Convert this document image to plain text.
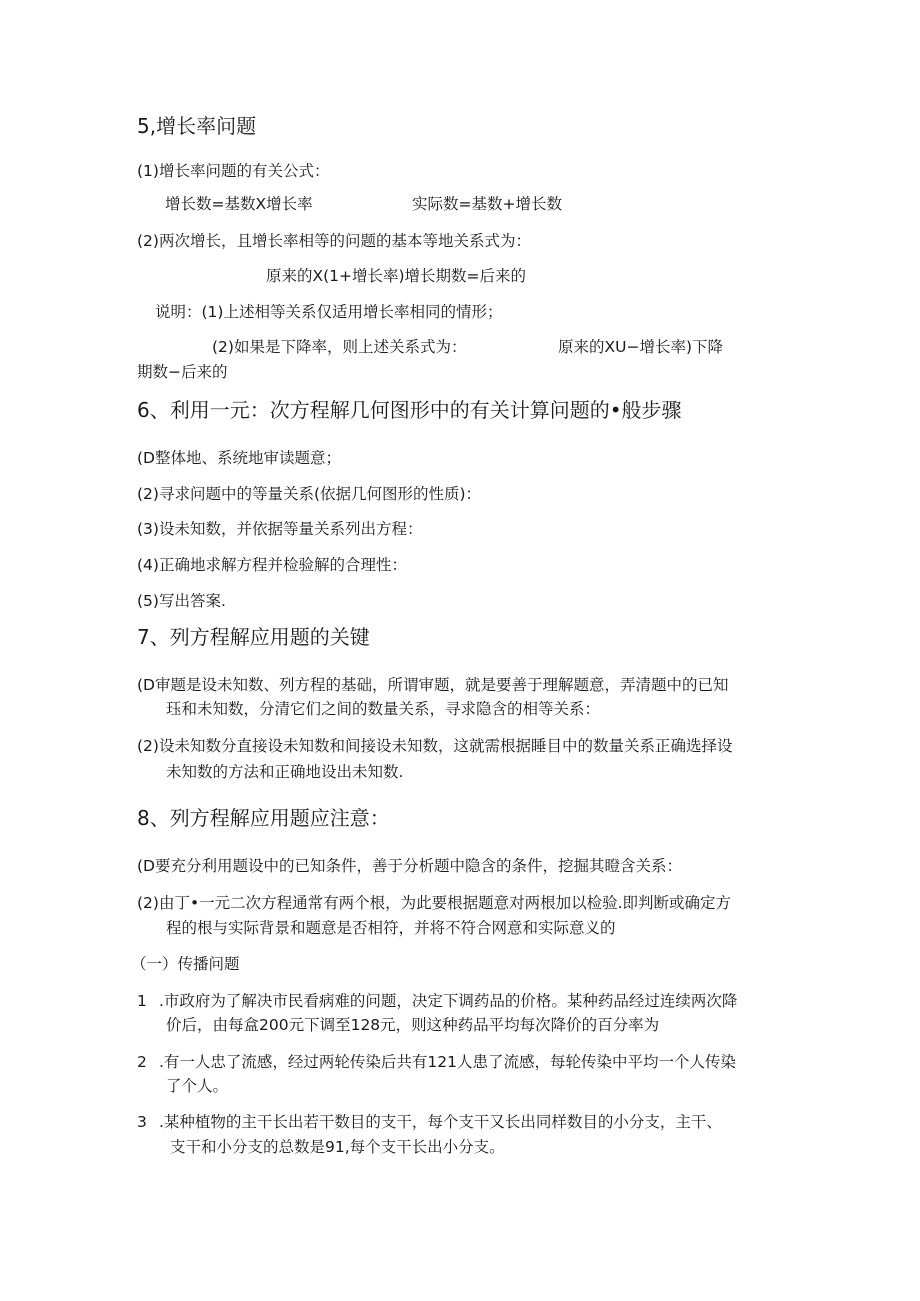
5,增长率问题
(1)增长率问题的有关公式：
增长数=基数X增长率	实际数=基数+增长数
(2)两次增长，且增长率相等的问题的基本等地关系式为：
原来的X(1+增长率)增长期数=后来的
说明：(1)上述相等关系仅适用增长率相同的情形；
(2)如果是下降率，则上述关系式为：	原来的XU−增长率)下降
期数−后来的
6、利用一元：次方程解几何图形中的有关计算问题的•般步骤
(D整体地、系统地审读题意；
(2)寻求问题中的等量关系(依据几何图形的性质)：
(3)设未知数，并依据等量关系列出方程：
(4)正确地求解方程并检验解的合理性：
(5)写出答案.
7、列方程解应用题的关键
(D审题是设未知数、列方程的基础，所谓审题，就是要善于理解题意，弄清题中的已知
珏和未知数，分清它们之间的数量关系，寻求隐含的相等关系：
(2)设未知数分直接设未知数和间接设未知数，这就需根据睡目中的数量关系正确选择设
未知数的方法和正确地设出未知数.
8、列方程解应用题应注意：
(D要充分利用题设中的已知条件，善于分析题中隐含的条件，挖掘其瞪含关系：
(2)由丁•一元二次方程通常有两个根，为此要根据题意对两根加以检验.即判断或确定方
程的根与实际背景和题意是否相符，并将不符合网意和实际意义的
（一）传播问题
1 .市政府为了解决市民看病难的问题，决定下调药品的价格。某种药品经过连续两次降
价后，由每盒200元下调至128元，则这种药品平均每次降价的百分率为
2 .有一人忠了流感，经过两轮传染后共有121人患了流感，每轮传染中平均一个人传染
了个人。
3 .某种植物的主干长出若干数目的支干，每个支干又长出同样数目的小分支，主干、
支干和小分支的总数是91,每个支干长出小分支。
